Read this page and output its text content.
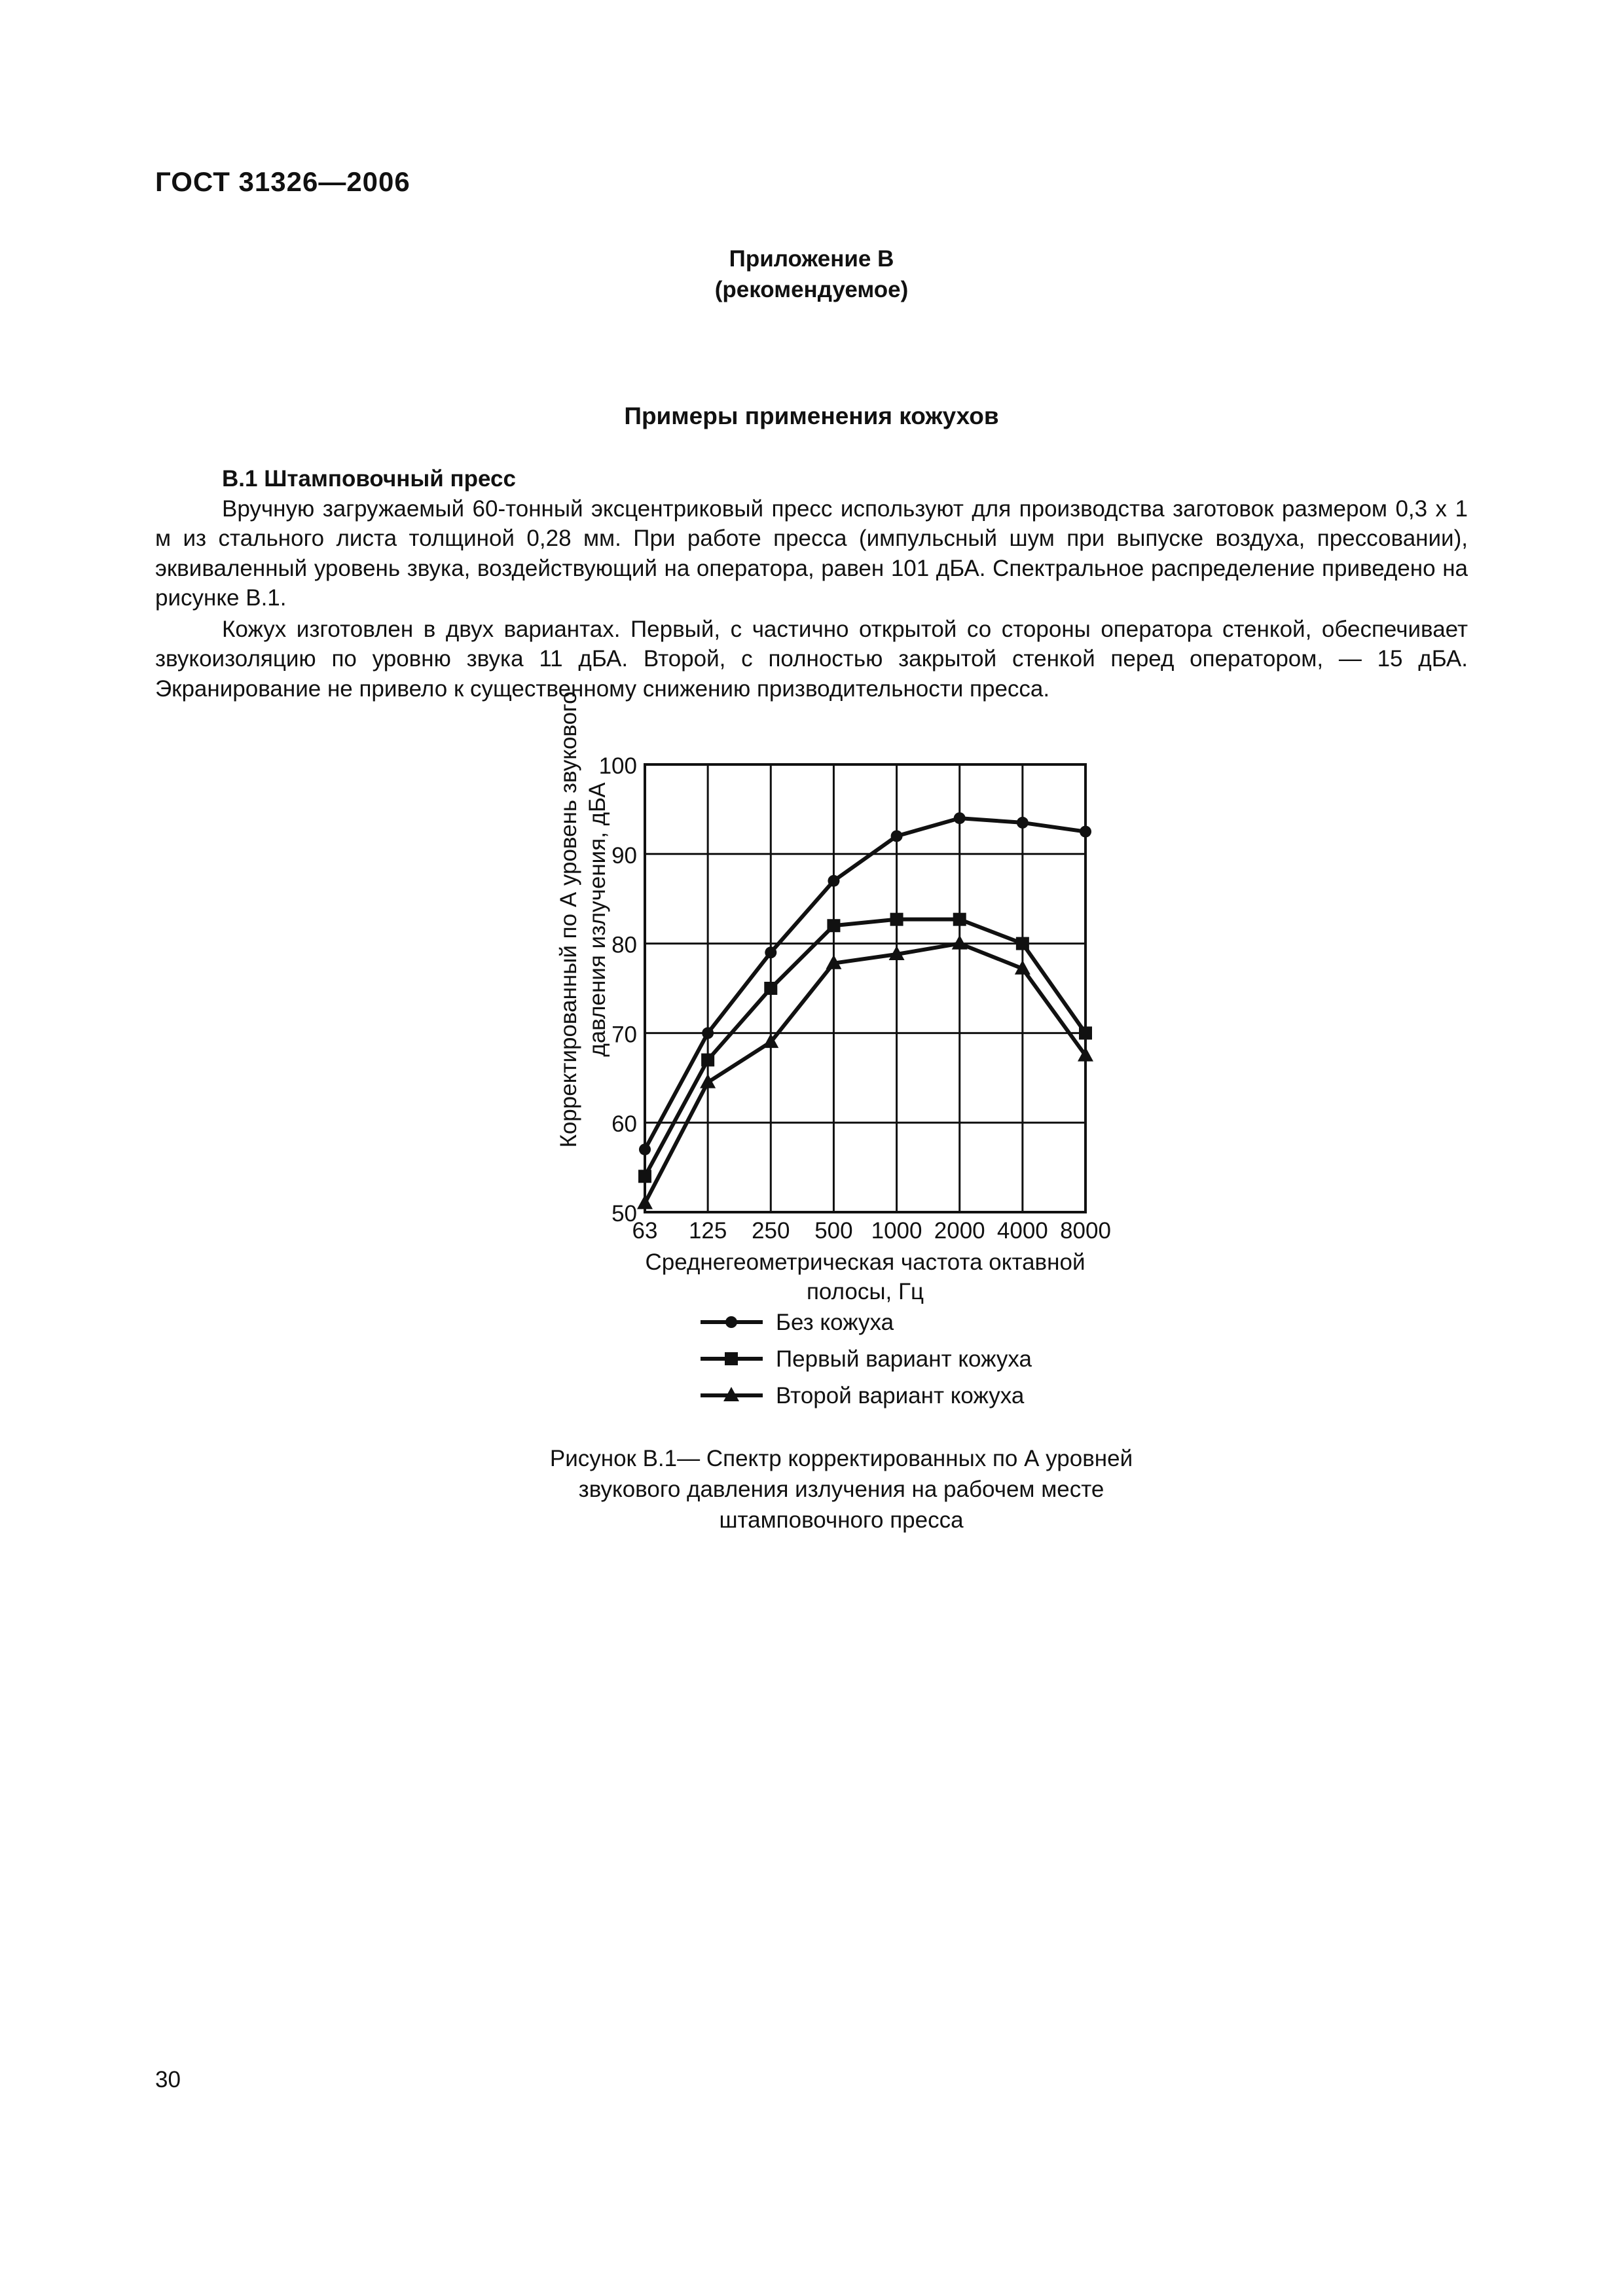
ГОСТ 31326—2006
Приложение В
(рекомендуемое)
Примеры применения кожухов

В.1 Штамповочный пресс

Вручную загружаемый 60-тонный эксцентриковый пресс используют для производства заготовок размером 0,3 х 1 м из стального листа толщиной 0,28 мм. При работе пресса (импульсный шум при выпуске воздуха, прессовании), эквиваленный уровень звука, воздействующий на оператора, равен 101 дБА. Спектральное распределение приведено на рисунке В.1.

Кожух изготовлен в двух вариантах. Первый, с частично открытой со стороны оператора стенкой, обеспечивает звукоизоляцию по уровню звука 11 дБА. Второй, с полностью закрытой стенкой перед оператором, — 15 дБА. Экранирование не привело к существенному снижению призводительности пресса.

100
90
80
70
60
50
63 125 250 500 1000 2000 4000 8000
Корректированный по А уровень звукового давления излучения, дБА
Среднегеометрическая частота октавной
полосы, Гц
Без кожуха
Первый вариант кожуха
Второй вариант кожуха
Рисунок В.1— Спектр корректированных по А уровней звукового давления излучения на рабочем месте штамповочного пресса
30
